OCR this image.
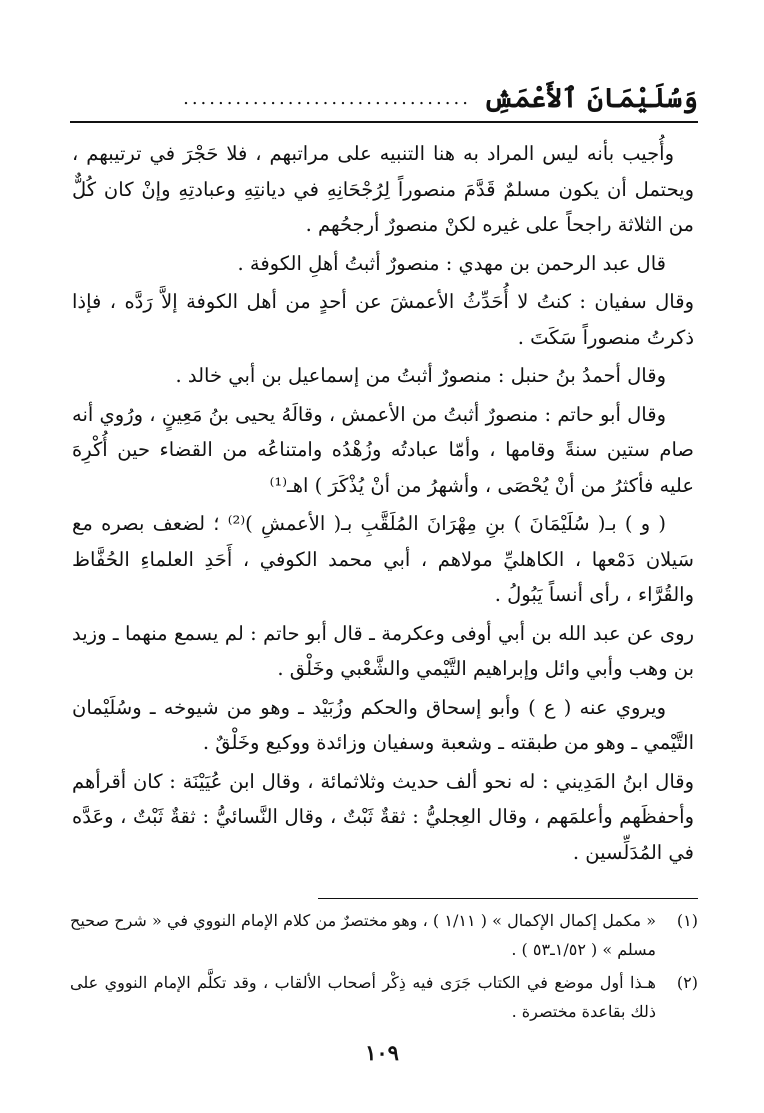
وَسُلَيْمَانَ ٱلأَعْمَشِ
.................................

وأُجيب بأنه ليس المراد به هنا التنبيه على مراتبهم ، فلا حَجْرَ في ترتيبهم ، ويحتمل أن يكون مسلمٌ قَدَّمَ منصوراً لِرُجْحَانِهِ في ديانتِهِ وعبادتِهِ وإنْ كان كُلٌّ من الثلاثة راجحاً على غيره لكنْ منصورٌ أرجحُهم .

قال عبد الرحمن بن مهدي : منصورٌ أثبتُ أهلِ الكوفة .

وقال سفيان : كنتُ لا أُحَدِّثُ الأعمشَ عن أحدٍ من أهل الكوفة إلاَّ رَدَّه ، فإذا ذكرتُ منصوراً سَكَتَ .

وقال أحمدُ بنُ حنبل : منصورٌ أثبتُ من إسماعيل بن أبي خالد .

وقال أبو حاتم : منصورٌ أثبتُ من الأعمش ، وقالَهُ يحيى بنُ مَعِينٍ ، ورُوي أنه صام ستين سنةً وقامها ، وأمّا عبادتُه وزُهْدُه وامتناعُه من القضاء حين أُكْرِهَ عليه فأكثرُ من أنْ يُحْصَى ، وأشهرُ من أنْ يُذْكَرَ ) اهـ⁽¹⁾

( و ) بـ( سُلَيْمَانَ ) بنِ مِهْرَانَ المُلَقَّبِ بـ( الأعمشِ )⁽²⁾ ؛ لضعف بصره مع سَيلان دَمْعها ، الكاهليِّ مولاهم ، أبي محمد الكوفي ، أَحَدِ العلماءِ الحُفَّاظ والقُرَّاء ، رأى أنساً يَبُولُ .

روى عن عبد الله بن أبي أوفى وعكرمة ـ قال أبو حاتم : لم يسمع منهما ـ وزيد بن وهب وأبي وائل وإبراهيم التَّيْمي والشَّعْبي وخَلْق .

ويروي عنه ( ع ) وأبو إسحاق والحكم وزُبَيْد ـ وهو من شيوخه ـ وسُلَيْمان التَّيْمي ـ وهو من طبقته ـ وشعبة وسفيان وزائدة ووكيع وخَلْقٌ .

وقال ابنُ المَدِيني : له نحو ألف حديث وثلاثمائة ، وقال ابن عُيَيْنَة : كان أقرأهم وأحفظَهم وأعلمَهم ، وقال العِجليُّ : ثقةٌ ثَبْتٌ ، وقال النَّسائيُّ : ثقةٌ ثَبْتٌ ، وعَدَّه في المُدَلِّسين .

(١)
« مكمل إكمال الإكمال » ( ١/١١ ) ، وهو مختصرٌ من كلام الإمام النووي في « شرح صحيح مسلم » ( ١/٥٢ـ٥٣ ) .
(٢)
هـذا أول موضع في الكتاب جَرَى فيه ذِكْر أصحاب الألقاب ، وقد تكلَّم الإمام النووي على ذلك بقاعدة مختصرة .
١٠٩
